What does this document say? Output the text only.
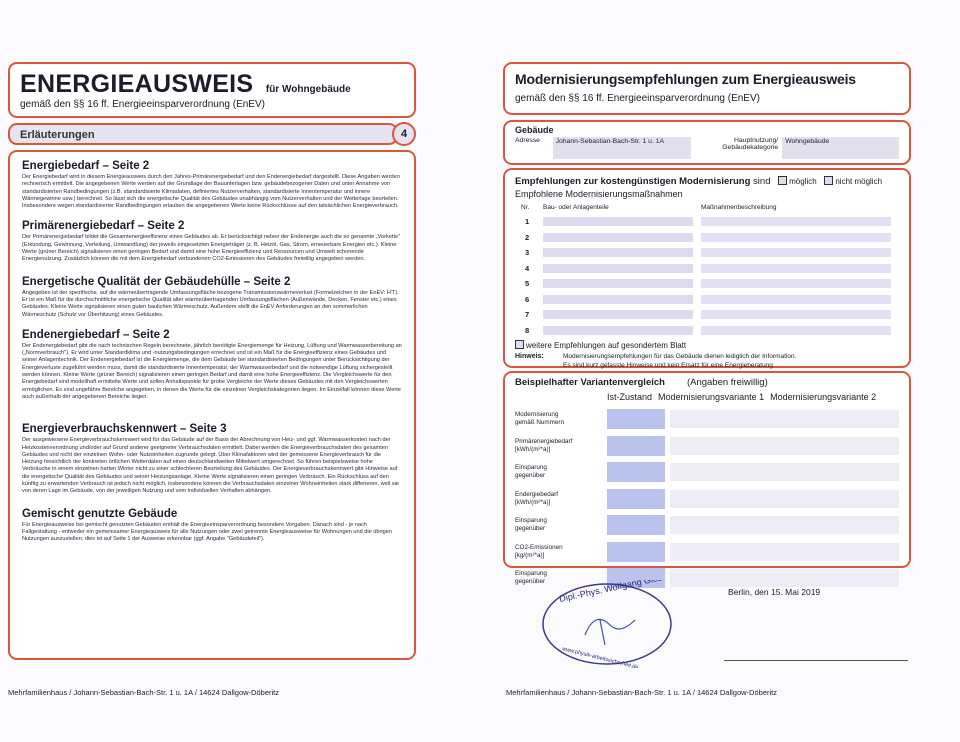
ENERGIEAUSWEIS für Wohngebäude
gemäß den §§ 16 ff. Energieeinsparverordnung (EnEV)
Erläuterungen	4
Energiebedarf – Seite 2

Der Energiebedarf wird in diesem Energieausweis durch den Jahres-Primärenergiebedarf und den Endenergiebedarf dargestellt. Diese Angaben werden rechnerisch ermittelt. Die angegebenen Werte werden auf der Grundlage der Bauunterlagen bzw. gebäudebezogener Daten und unter Annahme von standardisierten Randbedingungen (z.B. standardisierte Klimadaten, definiertes Nutzerverhalten, standardisierte Innentemperatur und innere Wärmegewinne usw.) berechnet. So lässt sich die energetische Qualität des Gebäudes unabhängig vom Nutzerverhalten und der Wetterlage beurteilen. Insbesondere wegen standardisierter Randbedingungen erlauben die angegebenen Werte keine Rückschlüsse auf den tatsächlichen Energieverbrauch.

Primärenergiebedarf – Seite 2

Der Primärenergiebedarf bildet die Gesamtenergieeffizienz eines Gebäudes ab. Er berücksichtigt neben der Endenergie auch die so genannte „Vorkette" (Erkundung, Gewinnung, Verteilung, Umwandlung) der jeweils eingesetzten Energieträger (z. B. Heizöl, Gas, Strom, erneuerbare Energien etc.). Kleine Werte (grüner Bereich) signalisieren einen geringen Bedarf und damit eine hohe Energieeffizienz und Ressourcen und Umwelt schonende Energienutzung. Zusätzlich können die mit dem Energiebedarf verbundenen CO2-Emissionen des Gebäudes freiwillig angegeben werden.

Energetische Qualität der Gebäudehülle – Seite 2

Angegeben ist der spezifische, auf die wärmeübertragende Umfassungsfläche bezogene Transmissionswärmeverlust (Formelzeichen in der EnEV: H'T). Er ist ein Maß für die durchschnittliche energetische Qualität aller wärmeübertragenden Umfassungsflächen (Außenwände, Decken, Fenster etc.) eines Gebäudes. Kleine Werte signalisieren einen guten baulichen Wärmeschutz. Außerdem stellt die EnEV Anforderungen an den sommerlichen Wärmeschutz (Schutz vor Überhitzung) eines Gebäudes.

Endenergiebedarf – Seite 2

Der Endenergiebedarf gibt die nach technischen Regeln berechnete, jährlich benötigte Energiemenge für Heizung, Lüftung und Warmwasserbereitung an („Normverbrauch"). Er wird unter Standardklima und -nutzungsbedingungen errechnet und ist ein Maß für die Energieeffizienz eines Gebäudes und seiner Anlagentechnik. Der Endenergiebedarf ist die Energiemenge, die dem Gebäude bei standardisierten Bedingungen unter Berücksichtigung der Energieverluste zugeführt werden muss, damit die standardisierte Innentemperatur, der Warmwasserbedarf und die notwendige Lüftung sichergestellt werden können. Kleine Werte (grüner Bereich) signalisieren einen geringen Bedarf und damit eine hohe Energieeffizienz. Die Vergleichswerte für den Energiebedarf sind modellhaft ermittelte Werte und sollen Anhaltspunkte für grobe Vergleiche der Werte dieses Gebäudes mit den Vergleichswerten ermöglichen. Es sind ungefähre Bereiche angegeben, in denen die Werte für die einzelnen Vergleichskategorien liegen. Im Einzelfall können diese Werte auch außerhalb der angegebenen Bereiche liegen.

Energieverbrauchskennwert – Seite 3

Der ausgewiesene Energieverbrauchskennwert wird für das Gebäude auf der Basis der Abrechnung von Heiz- und ggf. Warmwasserkosten nach der Heizkostenverordnung und/oder auf Grund anderer geeigneter Verbrauchsdaten ermittelt. Dabei werden die Energieverbrauchsdaten des gesamten Gebäudes und nicht der einzelnen Wohn- oder Nutzeinheiten zugrunde gelegt. Über Klimafaktoren wird der gemessene Energieverbrauch für die Heizung hinsichtlich der konkreten örtlichen Wetterdaten auf einen deutschlandweiten Mittelwert umgerechnet. So führen beispielsweise hohe Verbräuche in einem einzelnen harten Winter nicht zu einer schlechteren Beurteilung des Gebäudes. Der Energieverbrauchskennwert gibt Hinweise auf die energetische Qualität des Gebäudes und seiner Heizungsanlage. Kleine Werte signalisieren einen geringen Verbrauch. Ein Rückschluss auf den künftig zu erwartenden Verbrauch ist jedoch nicht möglich, insbesondere können die Verbrauchsdaten einzelner Wohneinheiten stark differieren, weil sie von deren Lage im Gebäude, von der jeweiligen Nutzung und vom individuellen Verhalten abhängen.

Gemischt genutzte Gebäude

Für Energieausweise bei gemischt genutzten Gebäuden enthält die Energieeinsparverordnung besondere Vorgaben. Danach sind - je nach Fallgestaltung - entweder ein gemeinsamer Energieausweis für alle Nutzungen oder zwei getrennte Energieausweise für Wohnungen und die übrigen Nutzungen auszustellen; dies ist auf Seite 1 der Ausweise erkennbar (ggf. Angabe "Gebäudeteil").

Mehrfamilienhaus / Johann-Sebastian-Bach-Str. 1 u. 1A / 14624 Dallgow-Döberitz
Modernisierungsempfehlungen zum Energieausweis
gemäß den §§ 16 ff. Energieeinsparverordnung (EnEV)
Gebäude
Adresse	Johann-Sebastian-Bach-Str. 1 u. 1A	Hauptnutzung/ Gebäudekategorie
Wohngebäude
Empfehlungen zur kostengünstigen Modernisierung sind möglich nicht möglich
Empfohlene Modernisierungsmaßnahmen
Nr.	Bau- oder Anlagenteile	Maßnahmenbeschreibung
1
2
3
4
5
6
7
8
weitere Empfehlungen auf gesondertem Blatt
Hinweis:	Modernisierungsempfehlungen für das Gebäude dienen lediglich der Information.
Es sind kurz gefasste Hinweise und kein Ersatz für eine Energieberatung
Beispielhafter Variantenvergleich (Angaben freiwillig)
Ist-Zustand Modernisierungsvariante 1 Modernisierungsvariante 2
Modernisierung
gemäß Nummern
Primärenergiebedarf
[kWh/(m²*a)]
Einsparung
gegenüber
Endergiebedarf
[kWh/(m²*a)]
Einsparung
gegenüber
CO2-Emissionen
[kg/(m²*a)]
Einsparung
gegenüber	Dipl.-Phys. Wolfgang Giese
www.physik-arbeitssicherheit.de
Berlin, den 15. Mai 2019
Mehrfamilienhaus / Johann-Sebastian-Bach-Str. 1 u. 1A / 14624 Dallgow-Döberitz
